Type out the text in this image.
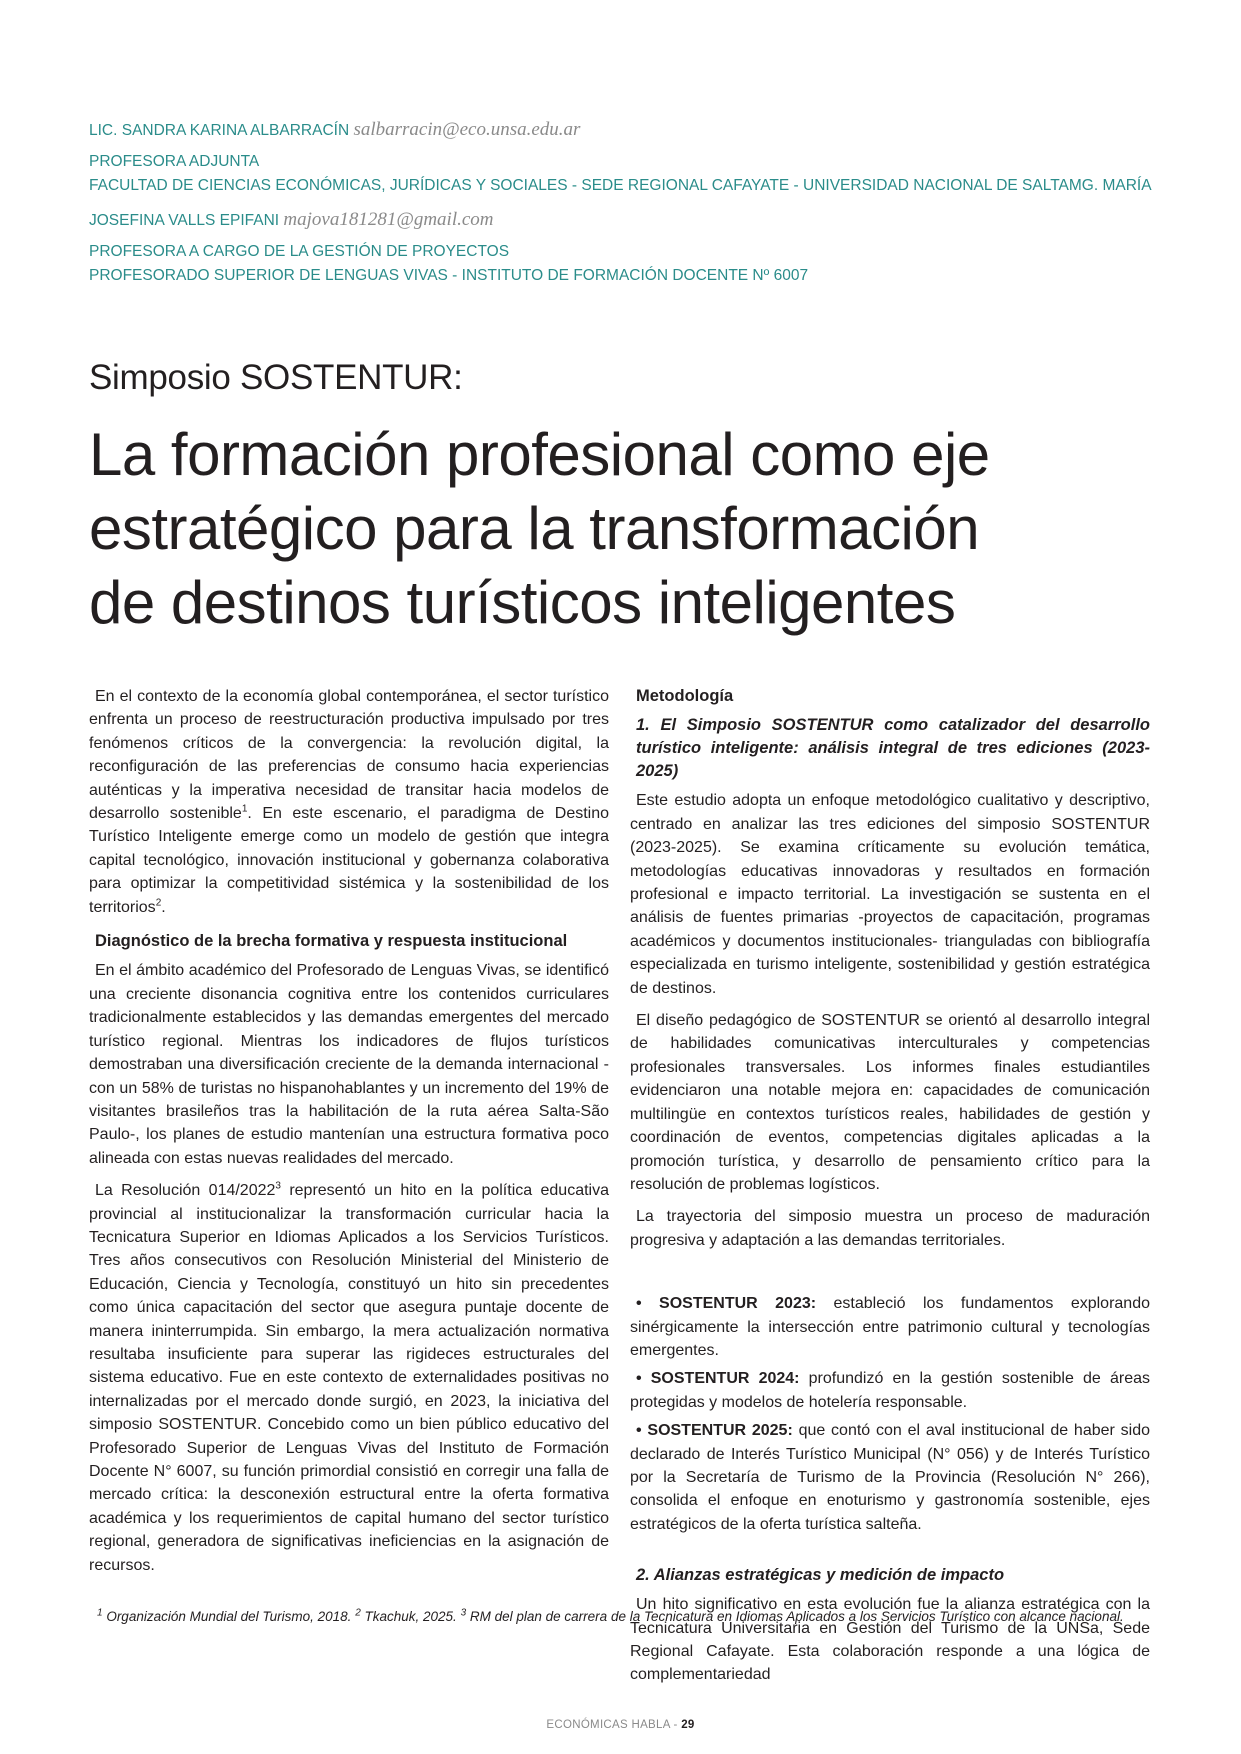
LIC. SANDRA KARINA ALBARRACÍN salbarracin@eco.unsa.edu.ar
PROFESORA ADJUNTA
FACULTAD DE CIENCIAS ECONÓMICAS, JURÍDICAS Y SOCIALES - SEDE REGIONAL CAFAYATE - UNIVERSIDAD NACIONAL DE SALTAMG. MARÍA
JOSEFINA VALLS EPIFANI majova181281@gmail.com
PROFESORA A CARGO DE LA GESTIÓN DE PROYECTOS
PROFESORADO SUPERIOR DE LENGUAS VIVAS - INSTITUTO DE FORMACIÓN DOCENTE Nº 6007
Simposio SOSTENTUR:
La formación profesional como eje
estratégico para la transformación
de destinos turísticos inteligentes

En el contexto de la economía global contemporánea, el sector turístico enfrenta un proceso de reestructuración productiva impulsado por tres fenómenos críticos de la convergencia: la revolución digital, la reconfiguración de las preferencias de consumo hacia experiencias auténticas y la imperativa necesidad de transitar hacia modelos de desarrollo sostenible$^1$. En este escenario, el paradigma de Destino Turístico Inteligente emerge como un modelo de gestión que integra capital tecnológico, innovación institucional y gobernanza colaborativa para optimizar la competitividad sistémica y la sostenibilidad de los territorios$^2$.

Diagnóstico de la brecha formativa y respuesta institucional

En el ámbito académico del Profesorado de Lenguas Vivas, se identificó una creciente disonancia cognitiva entre los contenidos curriculares tradicionalmente establecidos y las demandas emergentes del mercado turístico regional. Mientras los indicadores de flujos turísticos demostraban una diversificación creciente de la demanda internacional -con un 58% de turistas no hispanohablantes y un incremento del 19% de visitantes brasileños tras la habilitación de la ruta aérea Salta-São Paulo-, los planes de estudio mantenían una estructura formativa poco alineada con estas nuevas realidades del mercado.

La Resolución 014/2022$^3$ representó un hito en la política educativa provincial al institucionalizar la transformación curricular hacia la Tecnicatura Superior en Idiomas Aplicados a los Servicios Turísticos. Tres años consecutivos con Resolución Ministerial del Ministerio de Educación, Ciencia y Tecnología, constituyó un hito sin precedentes como única capacitación del sector que asegura puntaje docente de manera ininterrumpida. Sin embargo, la mera actualización normativa resultaba insuficiente para superar las rigideces estructurales del sistema educativo. Fue en este contexto de externalidades positivas no internalizadas por el mercado donde surgió, en 2023, la iniciativa del simposio SOSTENTUR. Concebido como un bien público educativo del Profesorado Superior de Lenguas Vivas del Instituto de Formación Docente N° 6007, su función primordial consistió en corregir una falla de mercado crítica: la desconexión estructural entre la oferta formativa académica y los requerimientos de capital humano del sector turístico regional, generadora de significativas ineficiencias en la asignación de recursos.

Metodología
1. El Simposio SOSTENTUR como catalizador del desarrollo turístico inteligente: análisis integral de tres ediciones (2023-2025)

Este estudio adopta un enfoque metodológico cualitativo y descriptivo, centrado en analizar las tres ediciones del simposio SOSTENTUR (2023-2025). Se examina críticamente su evolución temática, metodologías educativas innovadoras y resultados en formación profesional e impacto territorial. La investigación se sustenta en el análisis de fuentes primarias -proyectos de capacitación, programas académicos y documentos institucionales- trianguladas con bibliografía especializada en turismo inteligente, sostenibilidad y gestión estratégica de destinos.

El diseño pedagógico de SOSTENTUR se orientó al desarrollo integral de habilidades comunicativas interculturales y competencias profesionales transversales. Los informes finales estudiantiles evidenciaron una notable mejora en: capacidades de comunicación multilingüe en contextos turísticos reales, habilidades de gestión y coordinación de eventos, competencias digitales aplicadas a la promoción turística, y desarrollo de pensamiento crítico para la resolución de problemas logísticos.

La trayectoria del simposio muestra un proceso de maduración progresiva y adaptación a las demandas territoriales.

• SOSTENTUR 2023: estableció los fundamentos explorando sinérgicamente la intersección entre patrimonio cultural y tecnologías emergentes.

• SOSTENTUR 2024: profundizó en la gestión sostenible de áreas protegidas y modelos de hotelería responsable.

• SOSTENTUR 2025: que contó con el aval institucional de haber sido declarado de Interés Turístico Municipal (N° 056) y de Interés Turístico por la Secretaría de Turismo de la Provincia (Resolución N° 266), consolida el enfoque en enoturismo y gastronomía sostenible, ejes estratégicos de la oferta turística salteña.

2. Alianzas estratégicas y medición de impacto

Un hito significativo en esta evolución fue la alianza estratégica con la Tecnicatura Universitaria en Gestión del Turismo de la UNSa, Sede Regional Cafayate. Esta colaboración responde a una lógica de complementariedad

$^1$ Organización Mundial del Turismo, 2018. $^2$ Tkachuk, 2025. $^3$ RM del plan de carrera de la Tecnicatura en Idiomas Aplicados a los Servicios Turístico con alcance nacional.
ECONÓMICAS HABLA - 29
